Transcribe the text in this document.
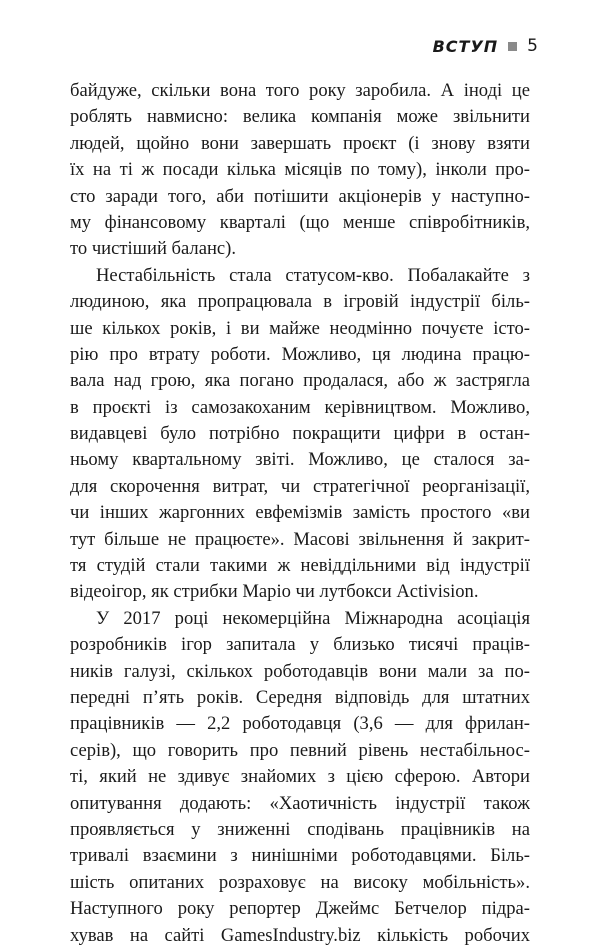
ВСТУП 5
байдуже, скільки вона того року заробила. А іноді це
роблять навмисно: велика компанія може звільнити
людей, щойно вони завершать проєкт (і знову взяти
їх на ті ж посади кілька місяців по тому), інколи про-
сто заради того, аби потішити акціонерів у наступно-
му фінансовому кварталі (що менше співробітників,
то чистіший баланс).
Нестабільність стала статусом-кво. Побалакайте з
людиною, яка пропрацювала в ігровій індустрії біль-
ше кількох років, і ви майже неодмінно почуєте істо-
рію про втрату роботи. Можливо, ця людина працю-
вала над грою, яка погано продалася, або ж застрягла
в проєкті із самозакоханим керівництвом. Можливо,
видавцеві було потрібно покращити цифри в остан-
ньому квартальному звіті. Можливо, це сталося за-
для скорочення витрат, чи стратегічної реорганізації,
чи інших жаргонних евфемізмів замість простого «ви
тут більше не працюєте». Масові звільнення й закрит-
тя студій стали такими ж невіддільними від індустрії
відеоігор, як стрибки Маріо чи лутбокси Activision.
У 2017 році некомерційна Міжнародна асоціація
розробників ігор запитала у близько тисячі праців-
ників галузі, скількох роботодавців вони мали за по-
передні п’ять років. Середня відповідь для штатних
працівників — 2,2 роботодавця (3,6 — для фрилан-
серів), що говорить про певний рівень нестабільнос-
ті, який не здивує знайомих з цією сферою. Автори
опитування додають: «Хаотичність індустрії також
проявляється у зниженні сподівань працівників на
тривалі взаємини з нинішніми роботодавцями. Біль-
шість опитаних розраховує на високу мобільність».
Наступного року репортер Джеймс Бетчелор підра-
хував на сайті GamesIndustry.biz кількість робочих
